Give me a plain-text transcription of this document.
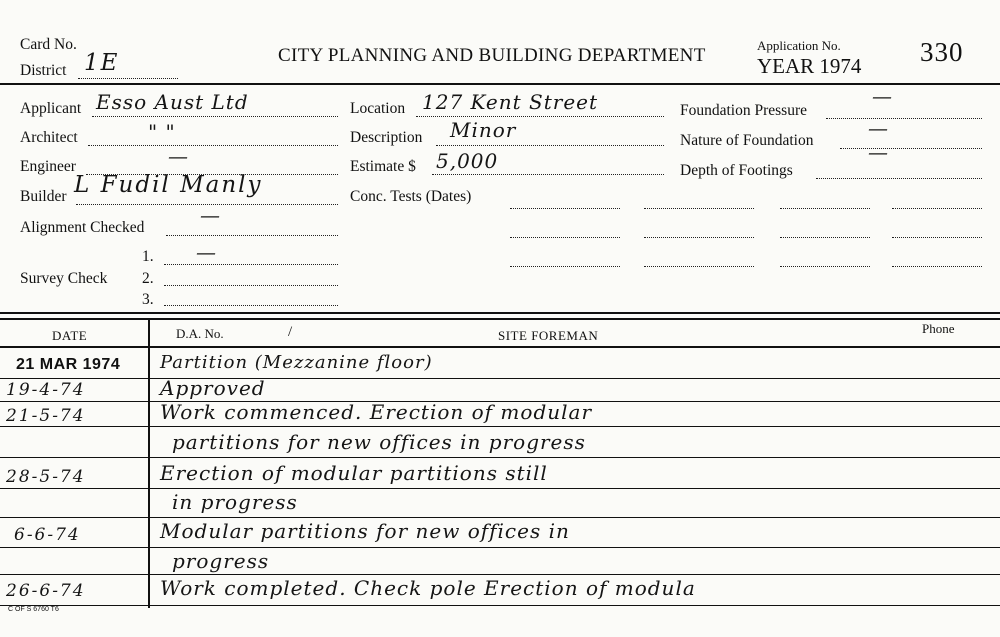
Card No.
District 1E	CITY PLANNING AND BUILDING DEPARTMENT	Application No.
YEAR 1974 330
Applicant Esso Aust Ltd
Architect	" "
Engineer	—
Builder L Fudil Manly
Alignment Checked
—
Survey Check
1. —
2.
3.
Location 127 Kent Street
Description Minor
Estimate $ 5,000
Conc. Tests (Dates)
Foundation Pressure
—
Nature of Foundation
—
Depth of Footings
—
DATE	D.A. No.	/	SITE FOREMAN	Phone
21 MAR 1974 Partition (Mezzanine floor)
19-4-74	Approved
21-5-74	Work commenced. Erection of modular
partitions for new offices in progress
28-5-74	Erection of modular partitions still
in progress
6-6-74	Modular partitions for new offices in
progress
26-6-74	Work completed. Check pole Erection of modula
C OF S 6760 T6
